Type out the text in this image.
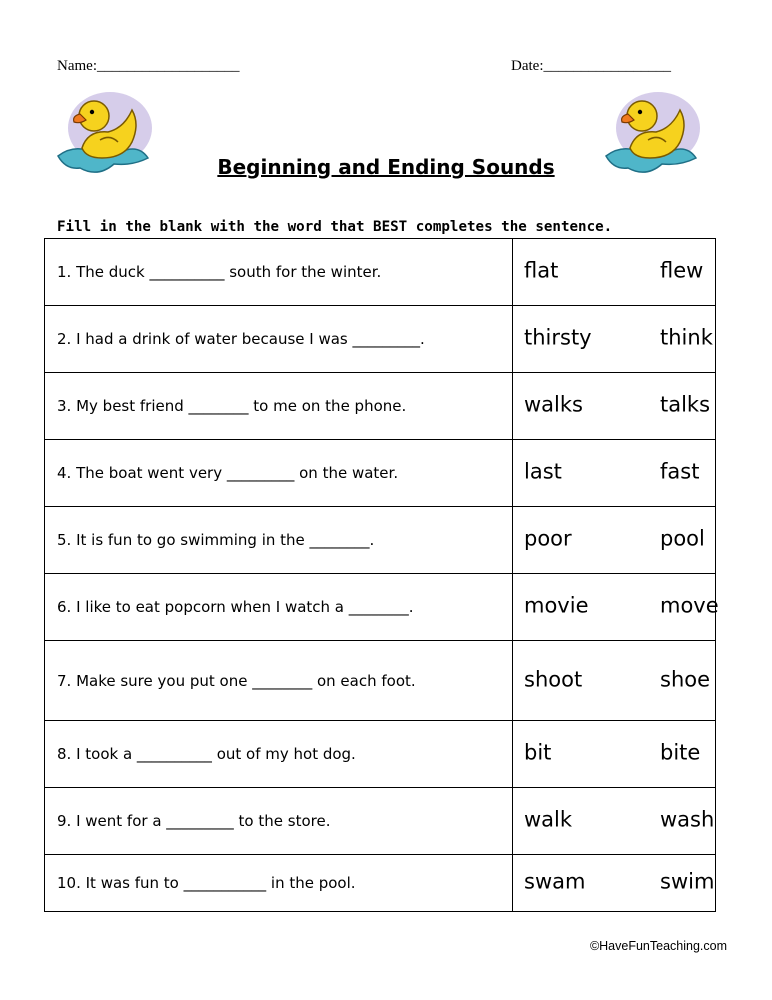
Name:___________________	Date:_________________
Beginning and Ending Sounds
Fill in the blank with the word that BEST completes the sentence.
1. The duck __________ south for the winter.	flat flew

2. I had a drink of water because I was _________.	thirsty think

3. My best friend ________ to me on the phone.	walks talks

4. The boat went very _________ on the water.	last fast

5. It is fun to go swimming in the ________.	poor pool

6. I like to eat popcorn when I watch a ________.	movie move

7. Make sure you put one ________ on each foot.	shoot shoe

8. I took a __________ out of my hot dog.	bit bite

9. I went for a _________ to the store.	walk wash

10. It was fun to ___________ in the pool.	swam swim
©HaveFunTeaching.com
